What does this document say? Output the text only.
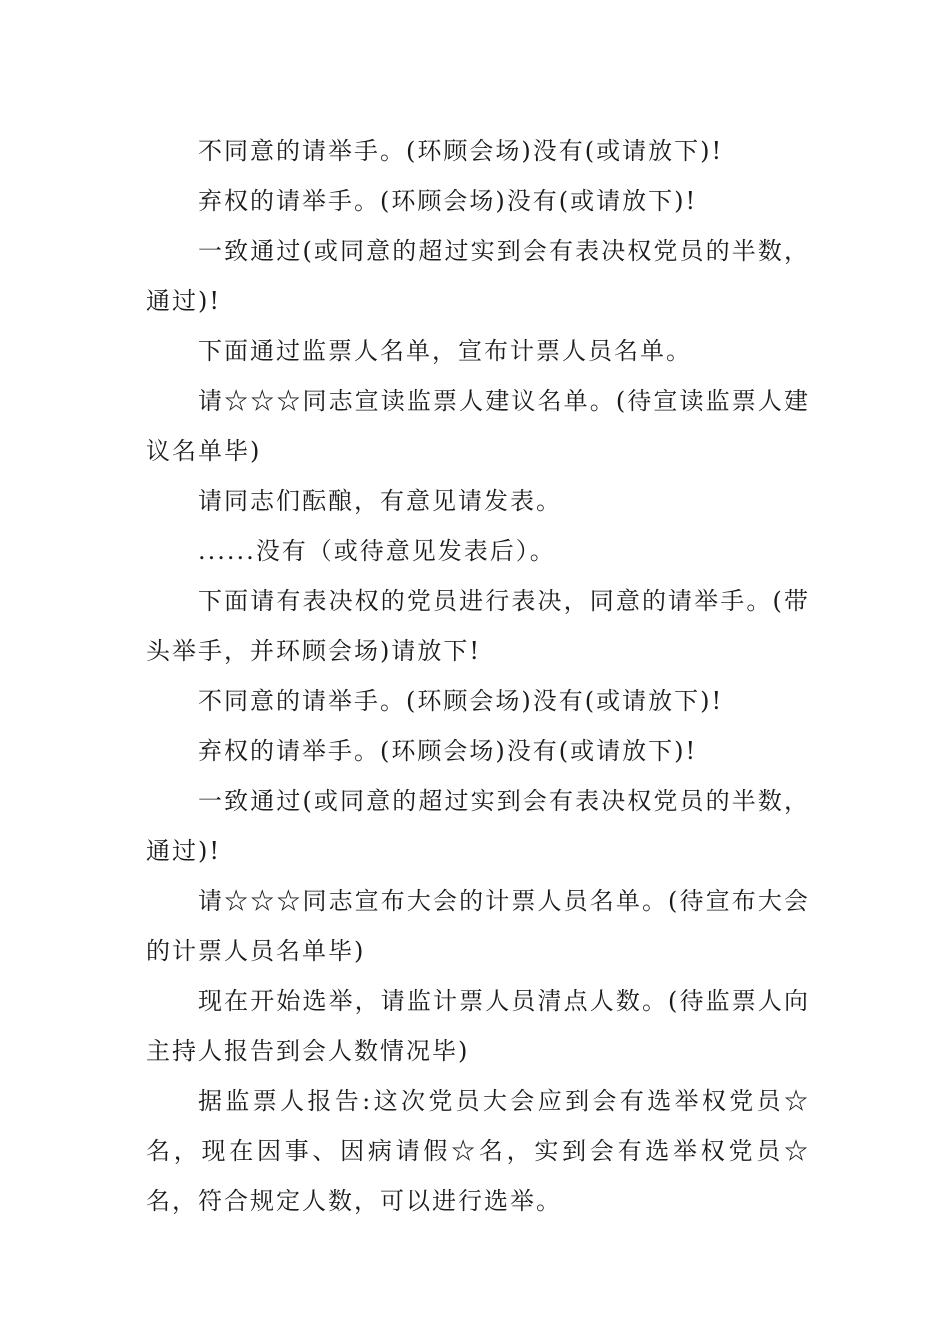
不同意的请举手。(环顾会场)没有(或请放下)!

弃权的请举手。(环顾会场)没有(或请放下)!

一致通过(或同意的超过实到会有表决权党员的半数，通过)!

下面通过监票人名单，宣布计票人员名单。

请☆☆☆同志宣读监票人建议名单。(待宣读监票人建议名单毕)

请同志们酝酿，有意见请发表。

......没有（或待意见发表后）。

下面请有表决权的党员进行表决，同意的请举手。(带头举手，并环顾会场)请放下!

不同意的请举手。(环顾会场)没有(或请放下)!

弃权的请举手。(环顾会场)没有(或请放下)!

一致通过(或同意的超过实到会有表决权党员的半数，通过)!

请☆☆☆同志宣布大会的计票人员名单。(待宣布大会的计票人员名单毕)

现在开始选举，请监计票人员清点人数。(待监票人向主持人报告到会人数情况毕)

据监票人报告:这次党员大会应到会有选举权党员☆名，现在因事、因病请假☆名，实到会有选举权党员☆名，符合规定人数，可以进行选举。
